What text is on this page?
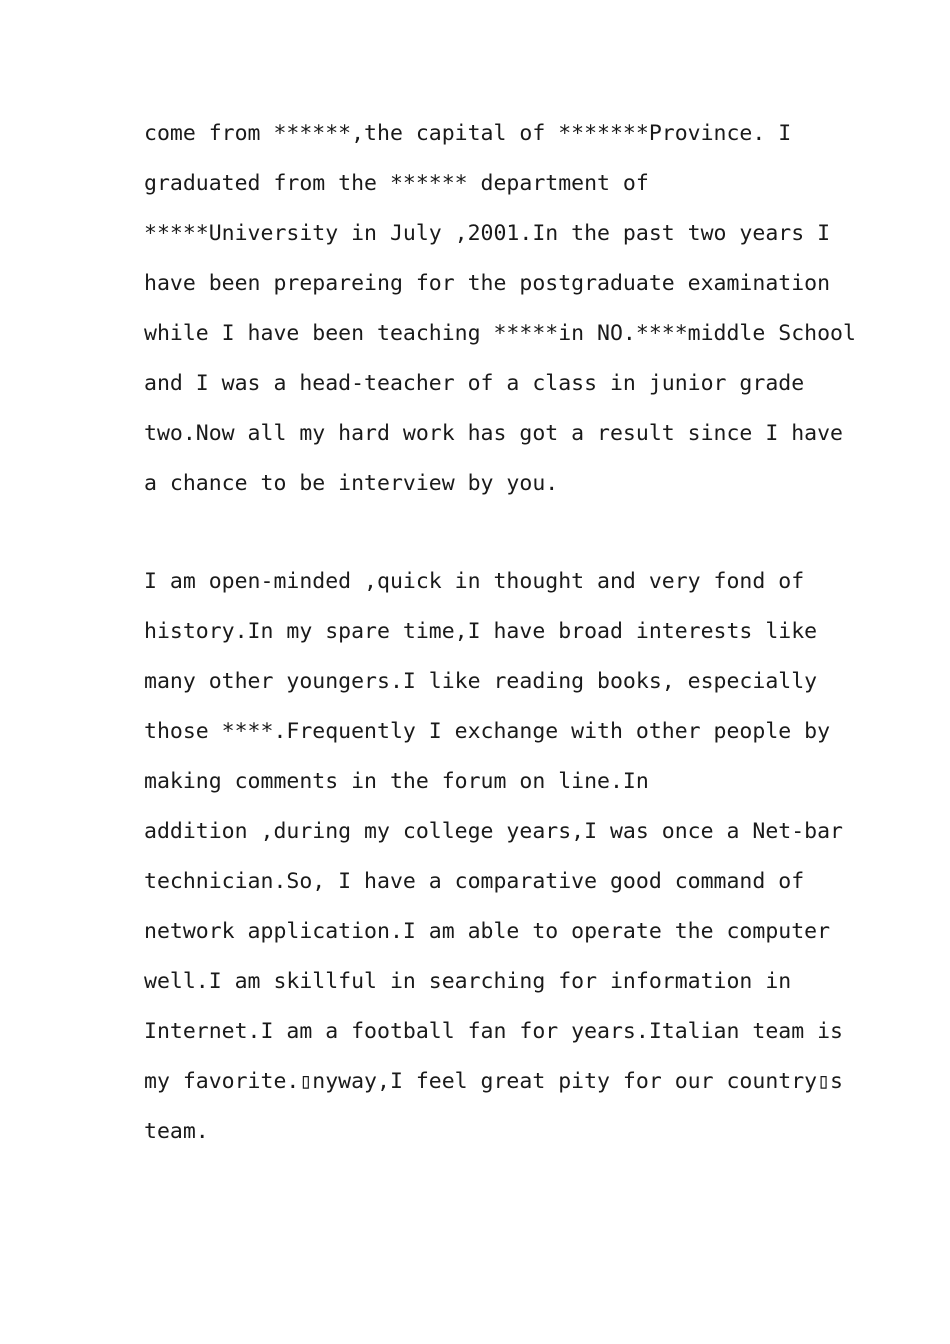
come from ******,the capital of *******Province. I
graduated from the ****** department of
*****University in July ,2001.In the past two years I
have been prepareing for the postgraduate examination
while I have been teaching *****in NO.****middle School
and I was a head-teacher of a class in junior grade
two.Now all my hard work has got a result since I have
a chance to be interview by you.

I am open-minded ,quick in thought and very fond of
history.In my spare time,I have broad interests like
many other youngers.I like reading books, especially
those ****.Frequently I exchange with other people by
making comments in the forum on line.In
addition ,during my college years,I was once a Net-bar
technician.So, I have a comparative good command of
network application.I am able to operate the computer
well.I am skillful in searching for information in
Internet.I am a football fan for years.Italian team is
my favorite.▯nyway,I feel great pity for our country▯s
team.
